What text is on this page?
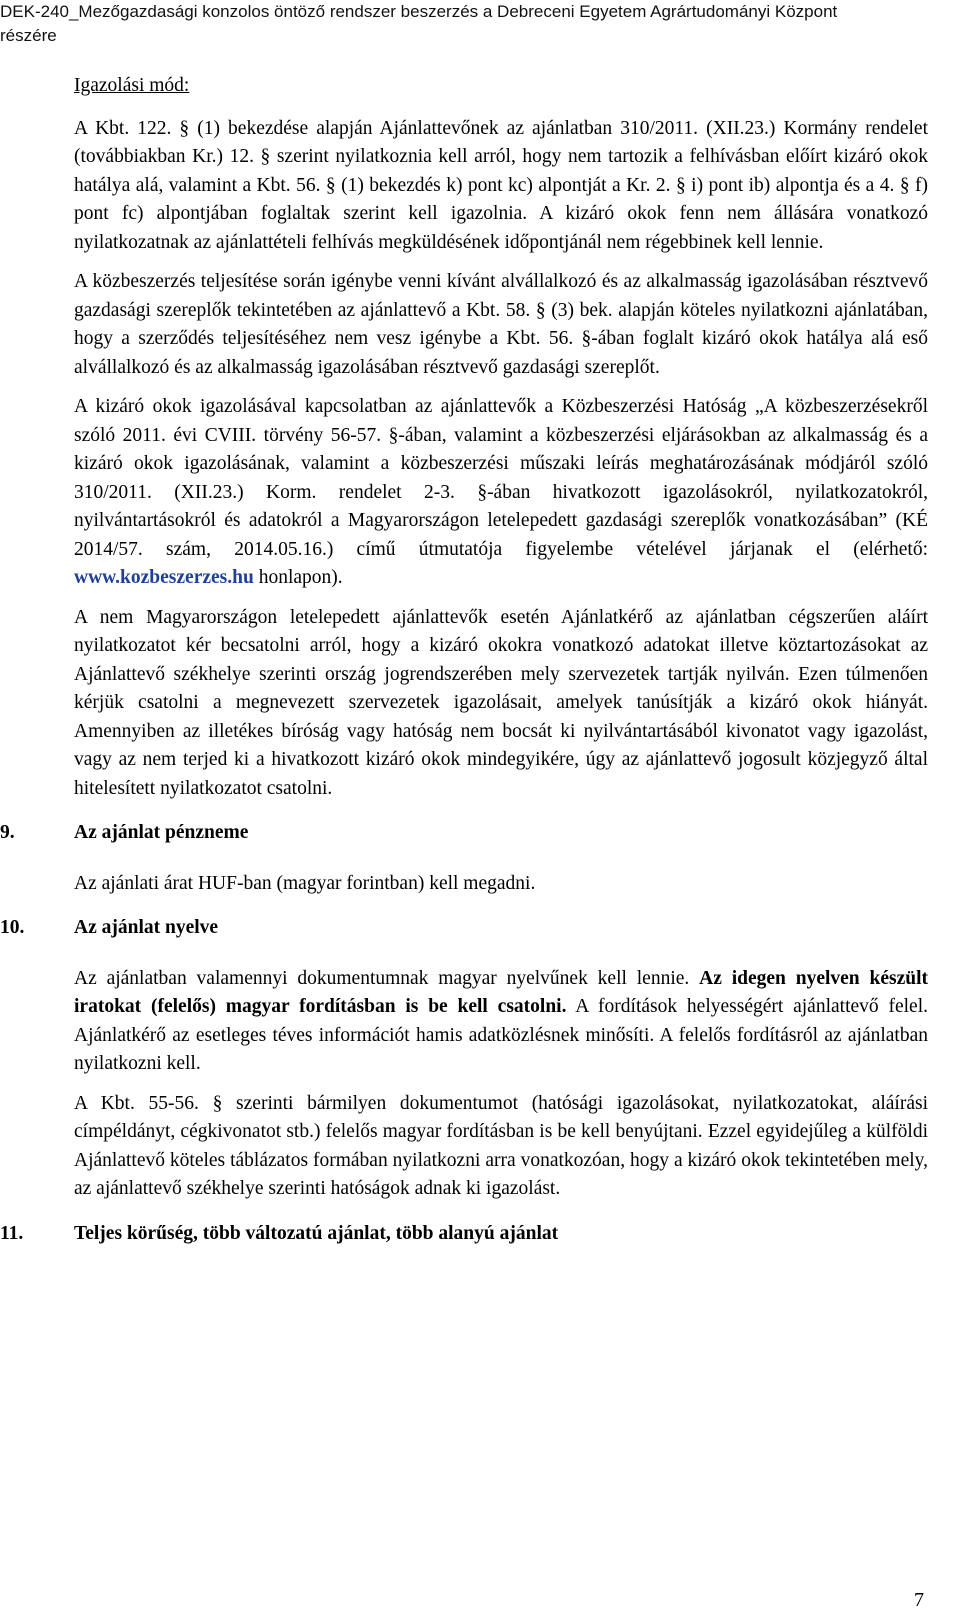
DEK-240_Mezőgazdasági konzolos öntöző rendszer beszerzés a Debreceni Egyetem Agrártudományi Központ
részére

Igazolási mód:

A Kbt. 122. § (1) bekezdése alapján Ajánlattevőnek az ajánlatban 310/2011. (XII.23.) Kormány rendelet (továbbiakban Kr.) 12. § szerint nyilatkoznia kell arról, hogy nem tartozik a felhívásban előírt kizáró okok hatálya alá, valamint a Kbt. 56. § (1) bekezdés k) pont kc) alpontját a Kr. 2. § i) pont ib) alpontja és a 4. § f) pont fc) alpontjában foglaltak szerint kell igazolnia. A kizáró okok fenn nem állására vonatkozó nyilatkozatnak az ajánlattételi felhívás megküldésének időpontjánál nem régebbinek kell lennie.

A közbeszerzés teljesítése során igénybe venni kívánt alvállalkozó és az alkalmasság igazolásában résztvevő gazdasági szereplők tekintetében az ajánlattevő a Kbt. 58. § (3) bek. alapján köteles nyilatkozni ajánlatában, hogy a szerződés teljesítéséhez nem vesz igénybe a Kbt. 56. §-ában foglalt kizáró okok hatálya alá eső alvállalkozó és az alkalmasság igazolásában résztvevő gazdasági szereplőt.

A kizáró okok igazolásával kapcsolatban az ajánlattevők a Közbeszerzési Hatóság „A közbeszerzésekről szóló 2011. évi CVIII. törvény 56-57. §-ában, valamint a közbeszerzési eljárásokban az alkalmasság és a kizáró okok igazolásának, valamint a közbeszerzési műszaki leírás meghatározásának módjáról szóló 310/2011. (XII.23.) Korm. rendelet 2-3. §-ában hivatkozott igazolásokról, nyilatkozatokról, nyilvántartásokról és adatokról a Magyarországon letelepedett gazdasági szereplők vonatkozásában” (KÉ 2014/57. szám, 2014.05.16.) című útmutatója figyelembe vételével járjanak el (elérhető: www.kozbeszerzes.hu honlapon).

A nem Magyarországon letelepedett ajánlattevők esetén Ajánlatkérő az ajánlatban cégszerűen aláírt nyilatkozatot kér becsatolni arról, hogy a kizáró okokra vonatkozó adatokat illetve köztartozásokat az Ajánlattevő székhelye szerinti ország jogrendszerében mely szervezetek tartják nyilván. Ezen túlmenően kérjük csatolni a megnevezett szervezetek igazolásait, amelyek tanúsítják a kizáró okok hiányát. Amennyiben az illetékes bíróság vagy hatóság nem bocsát ki nyilvántartásából kivonatot vagy igazolást, vagy az nem terjed ki a hivatkozott kizáró okok mindegyikére, úgy az ajánlattevő jogosult közjegyző által hitelesített nyilatkozatot csatolni.

9.	Az ajánlat pénzneme

Az ajánlati árat HUF-ban (magyar forintban) kell megadni.

10.	Az ajánlat nyelve

Az ajánlatban valamennyi dokumentumnak magyar nyelvűnek kell lennie. Az idegen nyelven készült iratokat (felelős) magyar fordításban is be kell csatolni. A fordítások helyességért ajánlattevő felel. Ajánlatkérő az esetleges téves információt hamis adatközlésnek minősíti. A felelős fordításról az ajánlatban nyilatkozni kell.

A Kbt. 55-56. § szerinti bármilyen dokumentumot (hatósági igazolásokat, nyilatkozatokat, aláírási címpéldányt, cégkivonatot stb.) felelős magyar fordításban is be kell benyújtani. Ezzel egyidejűleg a külföldi Ajánlattevő köteles táblázatos formában nyilatkozni arra vonatkozóan, hogy a kizáró okok tekintetében mely, az ajánlattevő székhelye szerinti hatóságok adnak ki igazolást.

11.	Teljes körűség, több változatú ajánlat, több alanyú ajánlat
7
